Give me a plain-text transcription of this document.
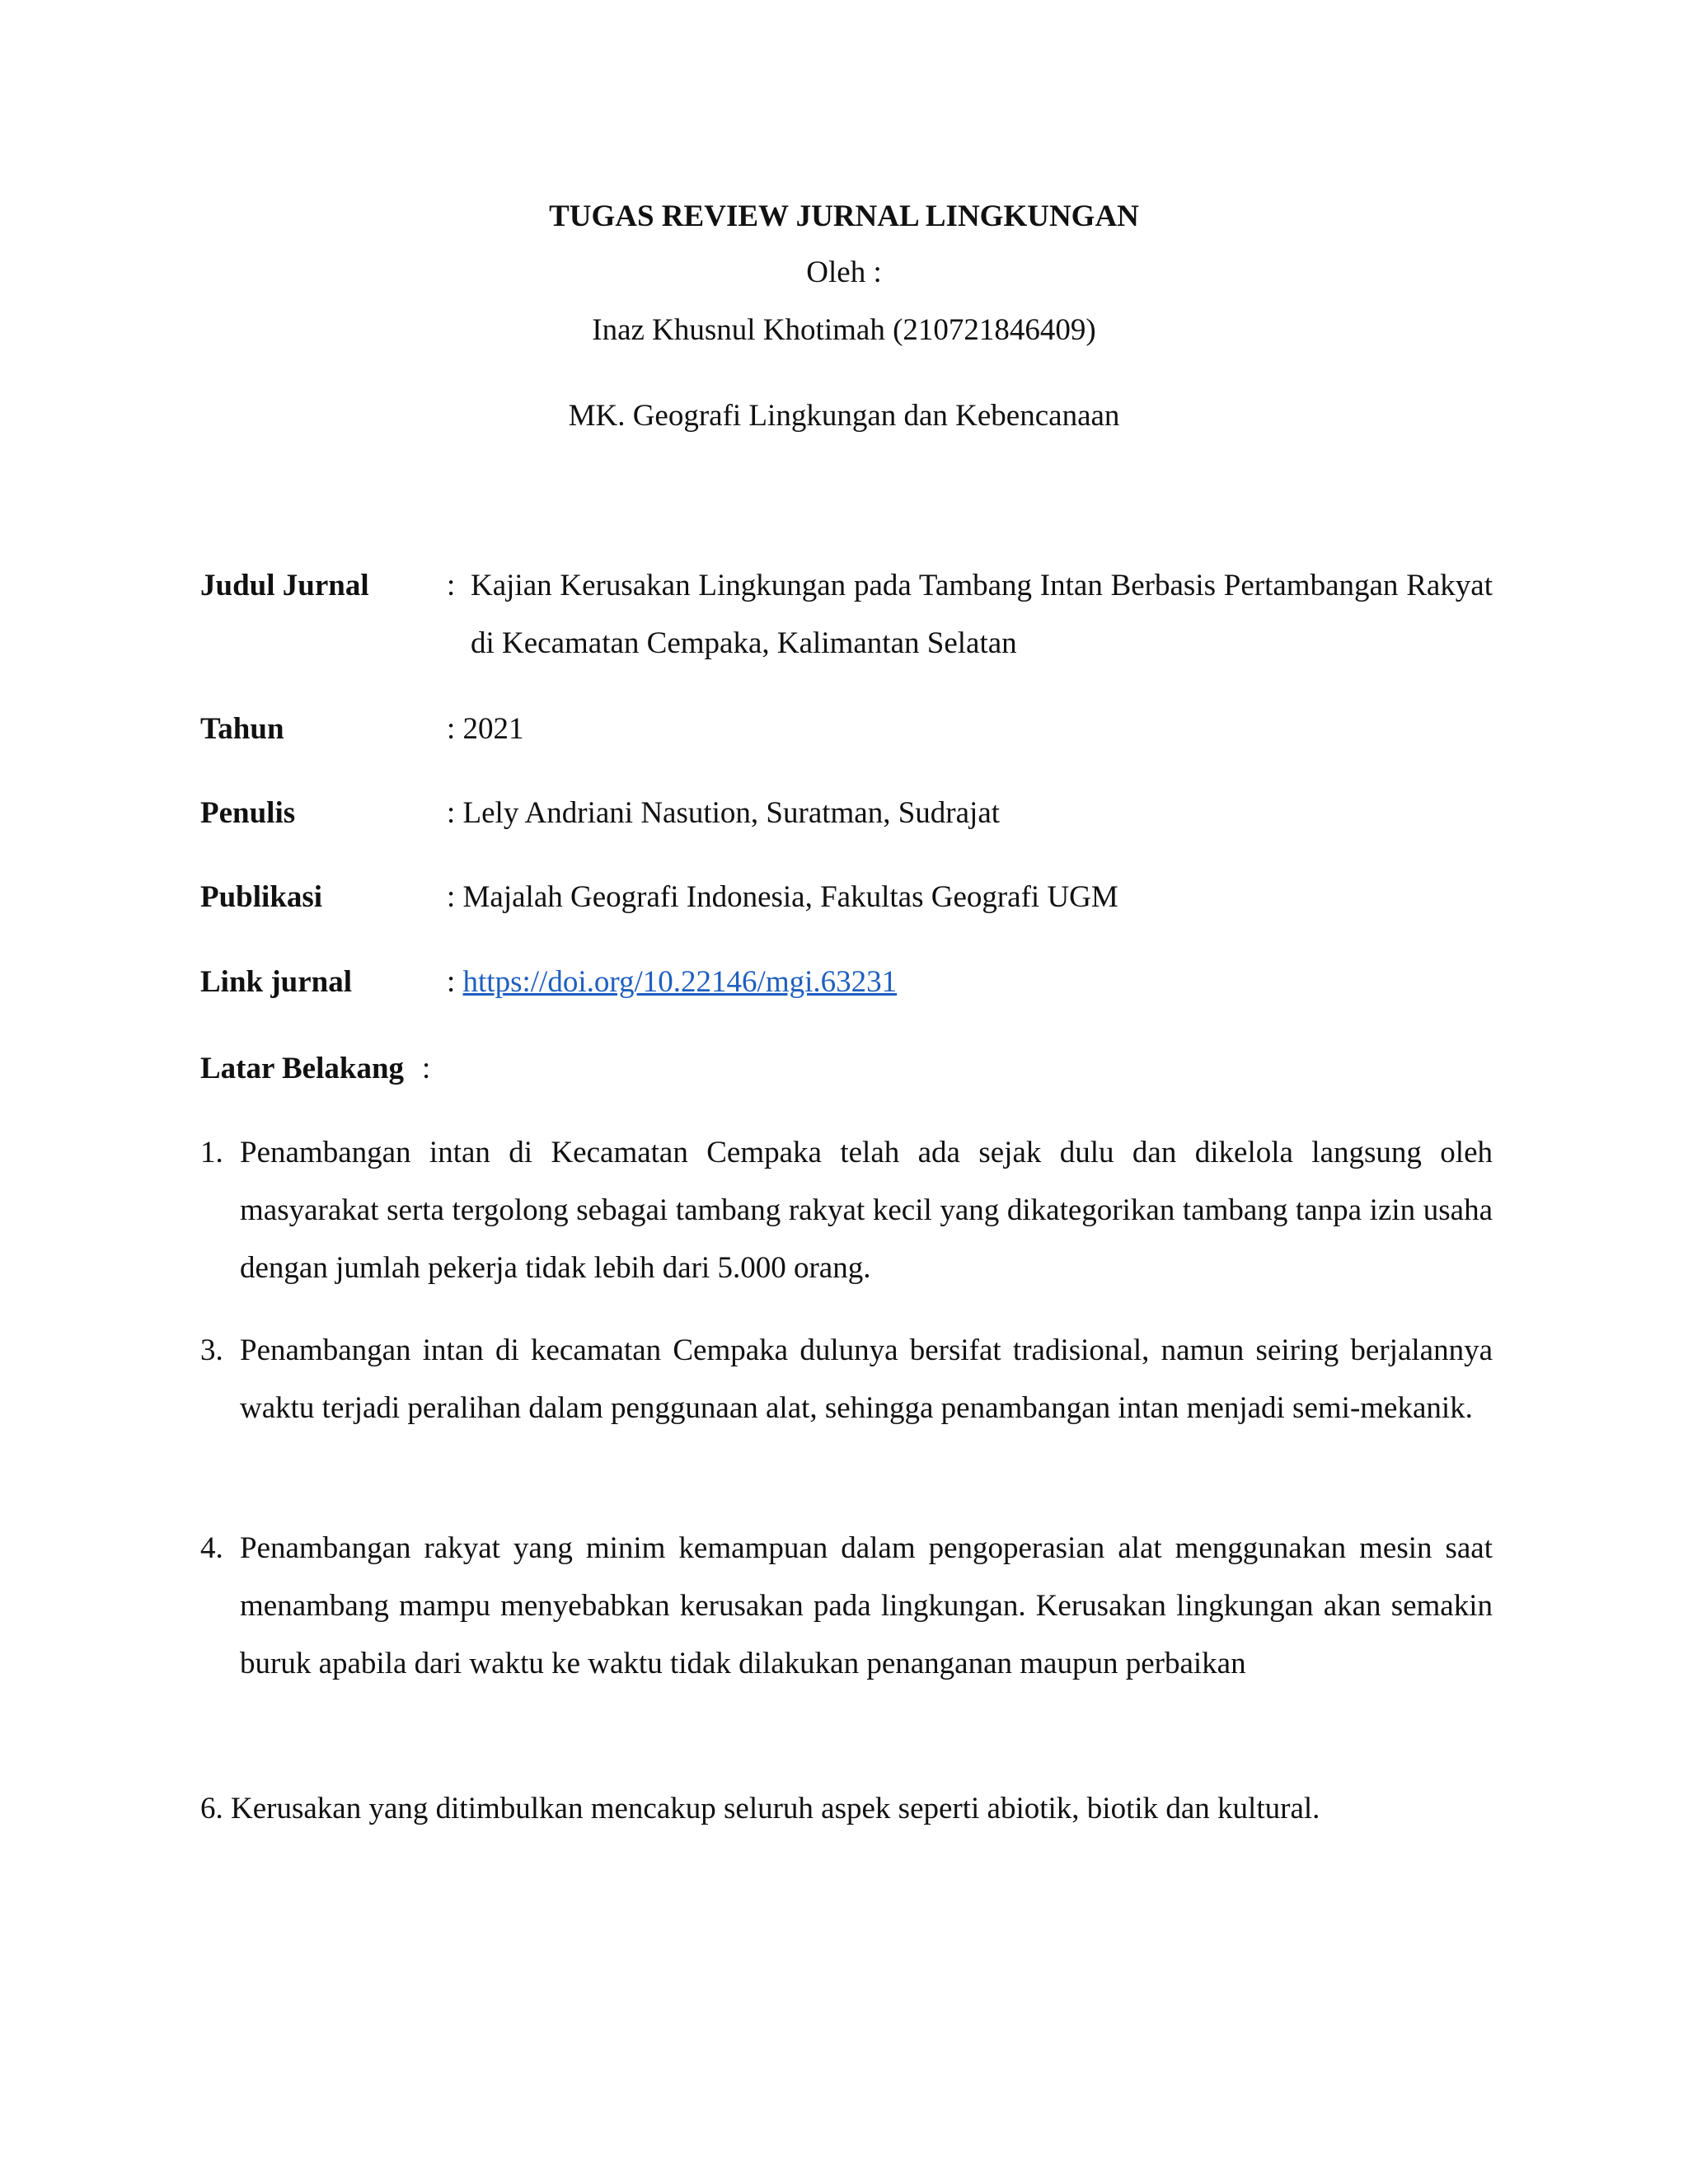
TUGAS REVIEW JURNAL LINGKUNGAN
Oleh :
Inaz Khusnul Khotimah (210721846409)
MK. Geografi Lingkungan dan Kebencanaan
Judul Jurnal	: Kajian Kerusakan Lingkungan pada Tambang Intan Berbasis Pertambangan Rakyat di Kecamatan Cempaka, Kalimantan Selatan
Tahun	: 2021
Penulis	: Lely Andriani Nasution, Suratman, Sudrajat
Publikasi	: Majalah Geografi Indonesia, Fakultas Geografi UGM
Link jurnal	: https://doi.org/10.22146/mgi.63231
Latar Belakang :
1. Penambangan intan di Kecamatan Cempaka telah ada sejak dulu dan dikelola langsung oleh masyarakat serta tergolong sebagai tambang rakyat kecil yang dikategorikan tambang tanpa izin usaha dengan jumlah pekerja tidak lebih dari 5.000 orang.
3. Penambangan intan di kecamatan Cempaka dulunya bersifat tradisional, namun seiring berjalannya waktu terjadi peralihan dalam penggunaan alat, sehingga penambangan intan menjadi semi-mekanik.
4. Penambangan rakyat yang minim kemampuan dalam pengoperasian alat menggunakan mesin saat menambang mampu menyebabkan kerusakan pada lingkungan. Kerusakan lingkungan akan semakin buruk apabila dari waktu ke waktu tidak dilakukan penanganan maupun perbaikan
6. Kerusakan yang ditimbulkan mencakup seluruh aspek seperti abiotik, biotik dan kultural.
